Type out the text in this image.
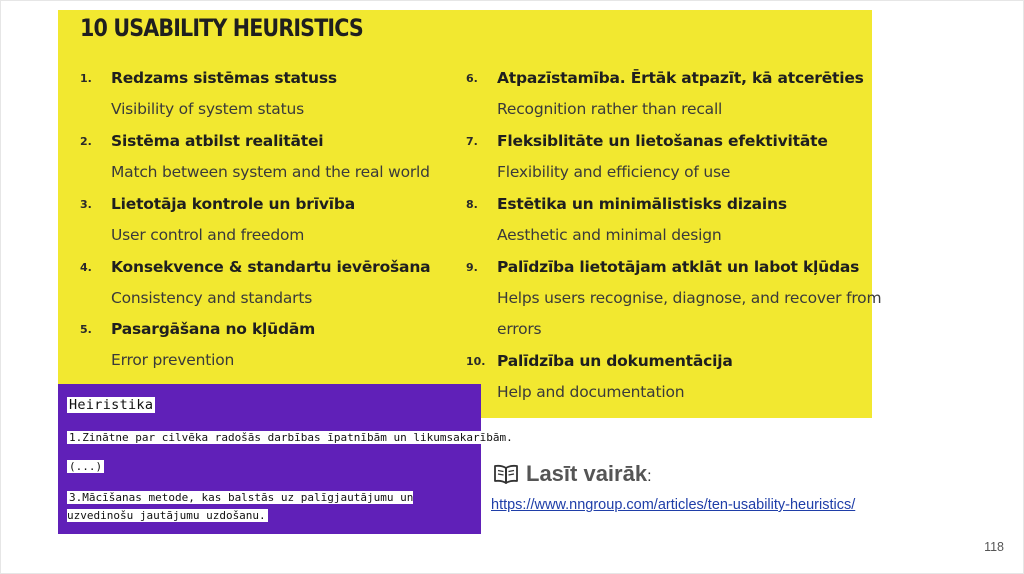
10 USABILITY HEURISTICS
1.	Redzams sistēmas statuss
Visibility of system status
2.	Sistēma atbilst realitātei
Match between system and the real world
3.	Lietotāja kontrole un brīvība
User control and freedom
4.	Konsekvence & standartu ievērošana
Consistency and standarts
5.	Pasargāšana no kļūdām
Error prevention
6.	Atpazīstamība. Ērtāk atpazīt, kā atcerēties
Recognition rather than recall
7.	Fleksiblitāte un lietošanas efektivitāte
Flexibility and efficiency of use
8.	Estētika un minimālistisks dizains
Aesthetic and minimal design
9.	Palīdzība lietotājam atklāt un labot kļūdas
Helps users recognise, diagnose, and recover from
errors
10. Palīdzība un dokumentācija
Help and documentation
Heiristika
1.Zinātne par cilvēka radošās darbības īpatnībām un likumsakarībām.
(...)
3.Mācīšanas metode, kas balstās uz palīgjautājumu un uzvedinošu jautājumu uzdošanu.
Lasīt vairāk:
https://www.nngroup.com/articles/ten-usability-heuristics/
118
